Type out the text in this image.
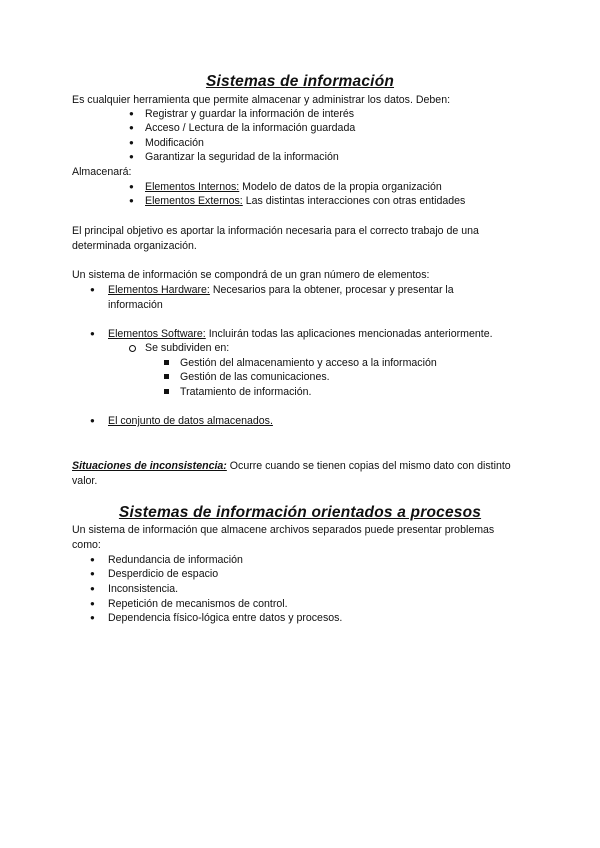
Sistemas de información
Es cualquier herramienta que permite almacenar y administrar los datos. Deben:
● Registrar y guardar la información de interés
● Acceso / Lectura de la información guardada
● Modificación
● Garantizar la seguridad de la información
Almacenará:
● Elementos Internos: Modelo de datos de la propia organización
● Elementos Externos: Las distintas interacciones con otras entidades
El principal objetivo es aportar la información necesaria para el correcto trabajo de una determinada organización.
Un sistema de información se compondrá de un gran número de elementos:
● Elementos Hardware: Necesarios para la obtener, procesar y presentar la información
● Elementos Software: Incluirán todas las aplicaciones mencionadas anteriormente.
Se subdividen en:
Gestión del almacenamiento y acceso a la información
Gestión de las comunicaciones.
Tratamiento de información.
● El conjunto de datos almacenados.
Situaciones de inconsistencia: Ocurre cuando se tienen copias del mismo dato con distinto valor.
Sistemas de información orientados a procesos
Un sistema de información que almacene archivos separados puede presentar problemas como:
● Redundancia de información
● Desperdicio de espacio
● Inconsistencia.
● Repetición de mecanismos de control.
● Dependencia físico-lógica entre datos y procesos.
